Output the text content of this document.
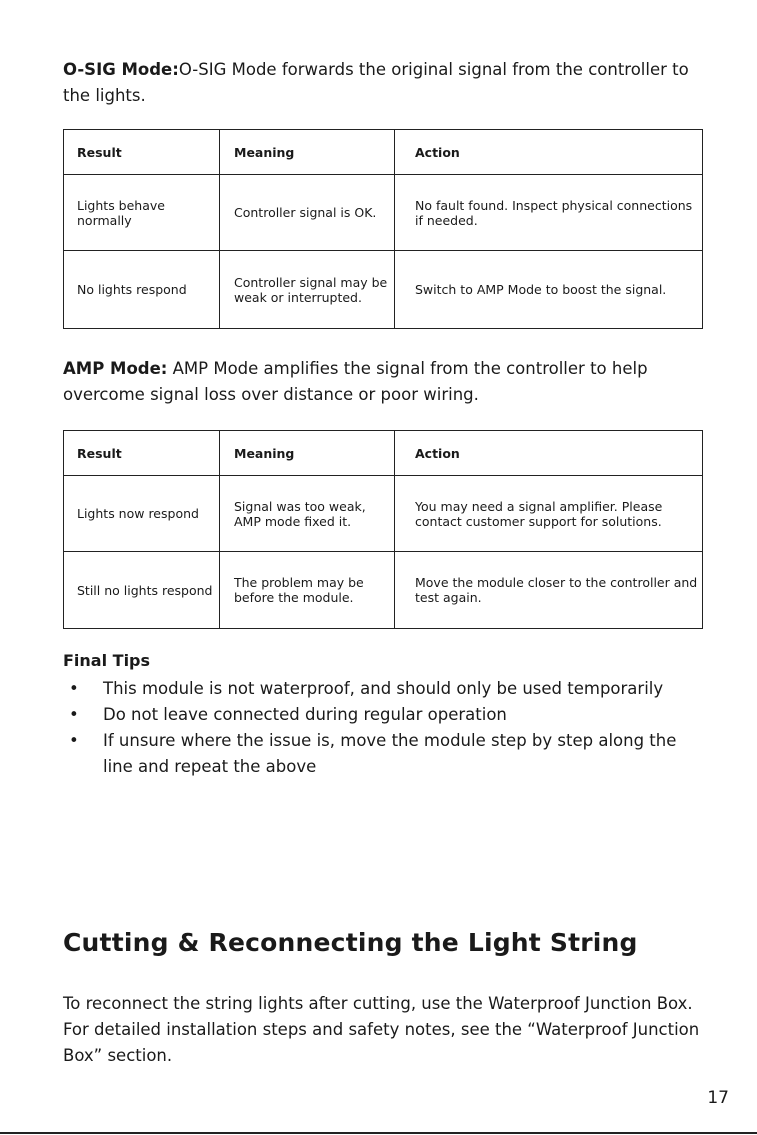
O-SIG Mode:O-SIG Mode forwards the original signal from the controller to the lights.
Result	Meaning	Action
Lights behave normally	Controller signal is OK.	No fault found. Inspect physical connections if needed.
No lights respond	Controller signal may be weak or interrupted.	Switch to AMP Mode to boost the signal.
AMP Mode: AMP Mode amplifies the signal from the controller to help overcome signal loss over distance or poor wiring.
Result	Meaning	Action
Lights now respond	Signal was too weak, AMP mode fixed it.	You may need a signal amplifier. Please contact customer support for solutions.
Still no lights respond	The problem may be before the module.	Move the module closer to the controller and test again.
Final Tips
• This module is not waterproof, and should only be used temporarily
• Do not leave connected during regular operation
• If unsure where the issue is, move the module step by step along the line and repeat the above
Cutting & Reconnecting the Light String
To reconnect the string lights after cutting, use the Waterproof Junction Box. For detailed installation steps and safety notes, see the “Waterproof Junction Box” section.
17
